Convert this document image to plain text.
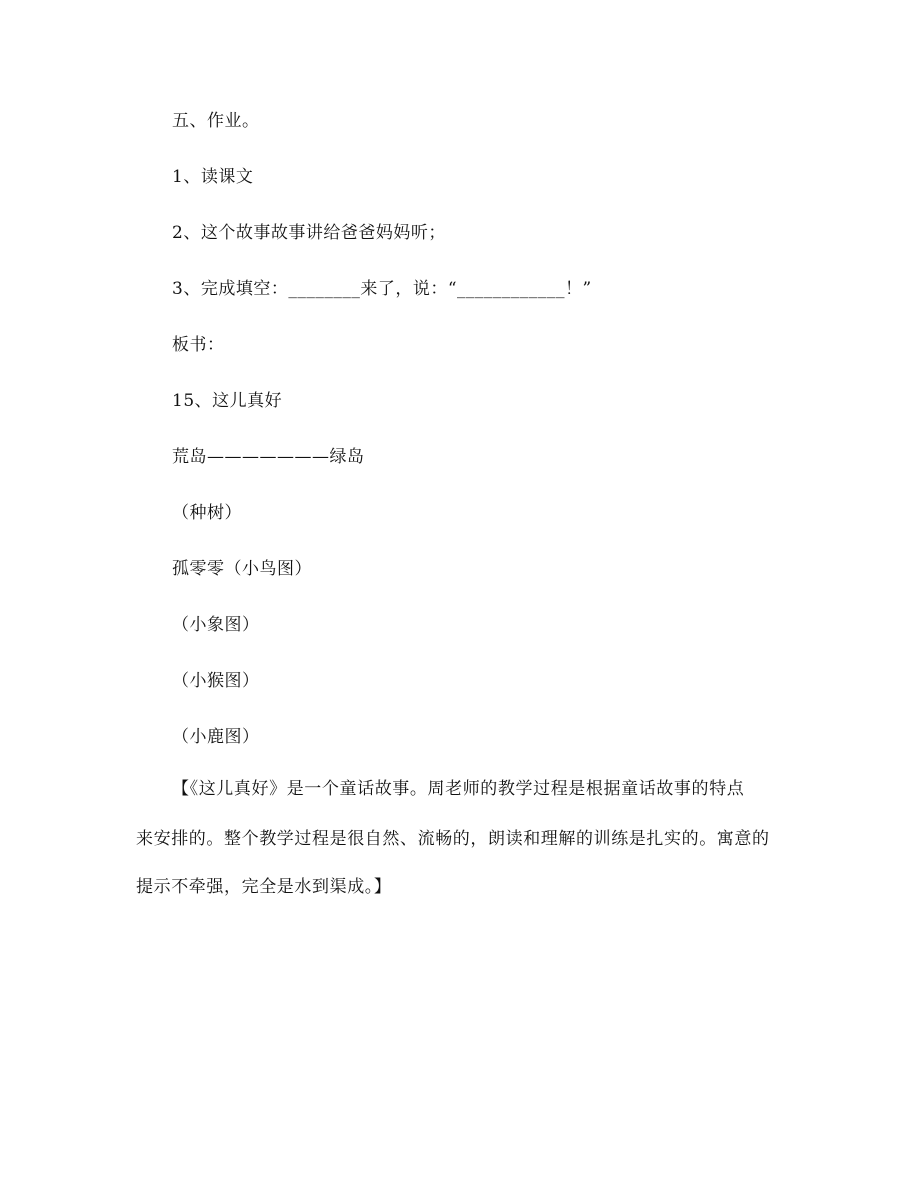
五、作业。
1、读课文
2、这个故事故事讲给爸爸妈妈听；
3、完成填空：________来了，说：“____________！”
板书：
15、这儿真好
荒岛———————绿岛
（种树）
孤零零（小鸟图）
（小象图）
（小猴图）
（小鹿图）
【《这儿真好》是一个童话故事。周老师的教学过程是根据童话故事的特点
来安排的。整个教学过程是很自然、流畅的，朗读和理解的训练是扎实的。寓意的
提示不牵强，完全是水到渠成。】
